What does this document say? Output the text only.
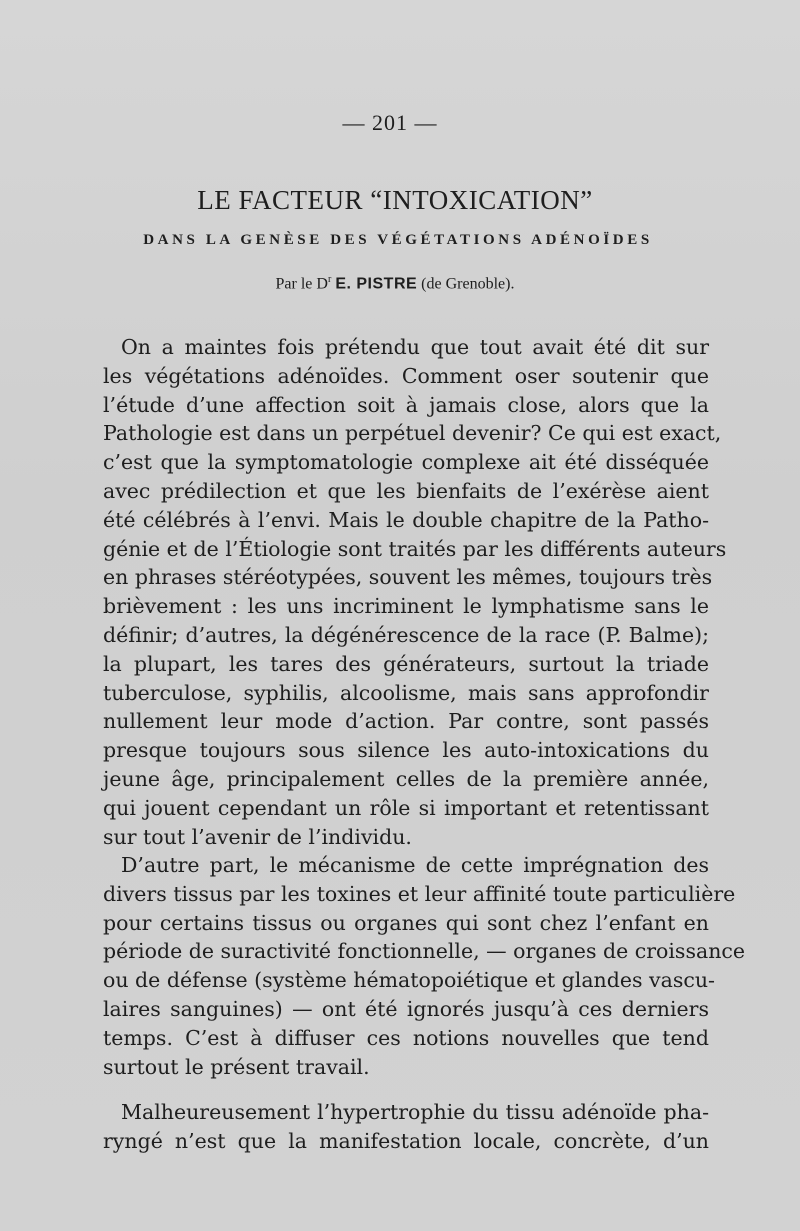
— 201 —
LE FACTEUR “INTOXICATION”
DANS LA GENÈSE DES VÉGÉTATIONS ADÉNOÏDES
Par le $D^r$ E. PISTRE (de Grenoble).
On a maintes fois prétendu que tout avait été dit sur
les végétations adénoïdes. Comment oser soutenir que
l’étude d’une affection soit à jamais close, alors que la
Pathologie est dans un perpétuel devenir? Ce qui est exact,
c’est que la symptomatologie complexe ait été disséquée
avec prédilection et que les bienfaits de l’exérèse aient
été célébrés à l’envi. Mais le double chapitre de la Patho-
génie et de l’Étiologie sont traités par les différents auteurs
en phrases stéréotypées, souvent les mêmes, toujours très
brièvement : les uns incriminent le lymphatisme sans le
définir; d’autres, la dégénérescence de la race (P. Balme);
la plupart, les tares des générateurs, surtout la triade
tuberculose, syphilis, alcoolisme, mais sans approfondir
nullement leur mode d’action. Par contre, sont passés
presque toujours sous silence les auto-intoxications du
jeune âge, principalement celles de la première année,
qui jouent cependant un rôle si important et retentissant
sur tout l’avenir de l’individu.
D’autre part, le mécanisme de cette imprégnation des
divers tissus par les toxines et leur affinité toute particulière
pour certains tissus ou organes qui sont chez l’enfant en
période de suractivité fonctionnelle, — organes de croissance
ou de défense (système hématopoiétique et glandes vascu-
laires sanguines) — ont été ignorés jusqu’à ces derniers
temps. C’est à diffuser ces notions nouvelles que tend
surtout le présent travail.
Malheureusement l’hypertrophie du tissu adénoïde pha-
ryngé n’est que la manifestation locale, concrète, d’un
